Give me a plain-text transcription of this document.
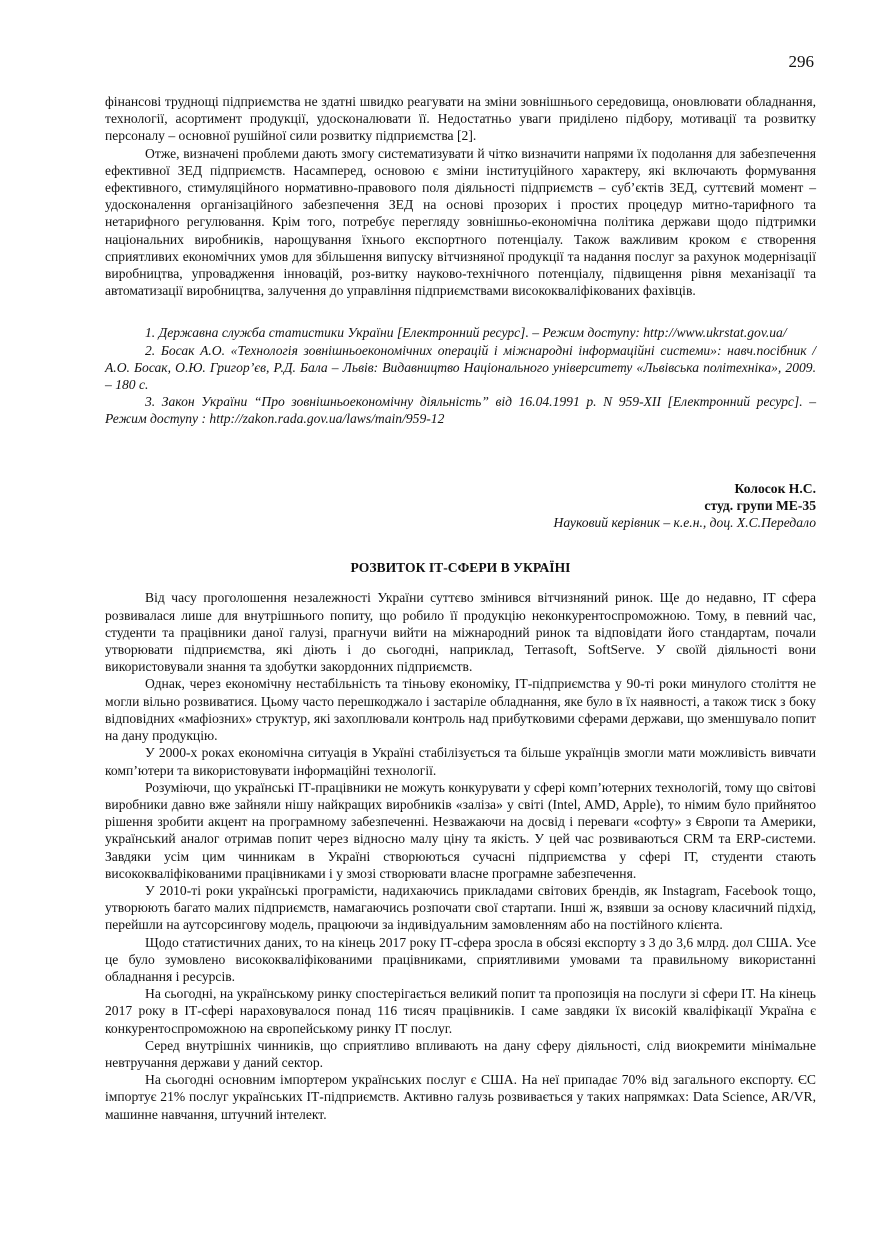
296

фінансові труднощі підприємства не здатні швидко реагувати на зміни зовнішнього середовища, оновлювати обладнання, технології, асортимент продукції, удосконалювати її. Недостатньо уваги приділено підбору, мотивації та розвитку персоналу – основної рушійної сили розвитку підприємства [2].

Отже, визначені проблеми дають змогу систематизувати й чітко визначити напрями їх подолання для забезпечення ефективної ЗЕД підприємств. Насамперед, основою є зміни інституційного характеру, які включають формування ефективного, стимуляційного нормативно-правового поля діяльності підприємств – суб’єктів ЗЕД, суттєвий момент – удосконалення організаційного забезпечення ЗЕД на основі прозорих і простих процедур митно-тарифного та нетарифного регулювання. Крім того, потребує перегляду зовнішньо-економічна політика держави щодо підтримки національних виробників, нарощування їхнього експортного потенціалу. Також важливим кроком є створення сприятливих економічних умов для збільшення випуску вітчизняної продукції та надання послуг за рахунок модернізації виробництва, упровадження інновацій, роз-витку науково-технічного потенціалу, підвищення рівня механізації та автоматизації виробництва, залучення до управління підприємствами висококваліфікованих фахівців.

1. Державна служба статистики України [Електронний ресурс]. – Режим доступу: http://www.ukrstat.gov.ua/

2. Босак А.О. «Технологія зовнішньоекономічних операцій і міжнародні інформаційні системи»: навч.посібник / А.О. Босак, О.Ю. Григор’єв, Р.Д. Бала – Львів: Видавництво Національного університету «Львівська політехніка», 2009. – 180 с.

3. Закон України “Про зовнішньоекономічну діяльність” від 16.04.1991 р. N 959-XII [Електронний ресурс]. – Режим доступу : http://zakon.rada.gov.ua/laws/main/959-12

Колосок Н.С.
студ. групи МЕ-35
Науковий керівник – к.е.н., доц. Х.С.Передало
РОЗВИТОК ІТ-СФЕРИ В УКРАЇНІ

Від часу проголошення незалежності України суттєво змінився вітчизняний ринок. Ще до недавно, ІТ сфера розвивалася лише для внутрішнього попиту, що робило її продукцію неконкурентоспроможною. Тому, в певний час, студенти та працівники даної галузі, прагнучи вийти на міжнародний ринок та відповідати його стандартам, почали утворювати підприємства, які діють і до сьогодні, наприклад, Terrasoft, SoftServe. У своїй діяльності вони використовували знання та здобутки закордонних підприємств.

Однак, через економічну нестабільність та тіньову економіку, ІТ-підприємства у 90-ті роки минулого століття не могли вільно розвиватися. Цьому часто перешкоджало і застаріле обладнання, яке було в їх наявності, а також тиск з боку відповідних «мафіозних» структур, які захоплювали контроль над прибутковими сферами держави, що зменшувало попит на дану продукцію.

У 2000-х роках економічна ситуація в Україні стабілізується та більше українців змогли мати можливість вивчати комп’ютери та використовувати інформаційні технології.

Розуміючи, що українські ІТ-працівники не можуть конкурувати у сфері комп’ютерних технологій, тому що світові виробники давно вже зайняли нішу найкращих виробників «заліза» у світі (Intel, AMD, Apple), то німим було прийнятоо рішення зробити акцент на програмному забезпеченні. Незважаючи на досвід і переваги «софту» з Європи та Америки, український аналог отримав попит через відносно малу ціну та якість. У цей час розвиваються CRM та ERP-системи. Завдяки усім цим чинникам в Україні створюються сучасні підприємства у сфері ІТ, студенти стають висококваліфікованими працівниками і у змозі створювати власне програмне забезпечення.

У 2010-ті роки українські програмісти, надихаючись прикладами світових брендів, як Instagram, Facebook тощо, утворюють багато малих підприємств, намагаючись розпочати свої стартапи. Інші ж, взявши за основу класичний підхід, перейшли на аутсорсингову модель, працюючи за індивідуальним замовленням або на постійного клієнта.

Щодо статистичних даних, то на кінець 2017 року ІТ-сфера зросла в обсязі експорту з 3 до 3,6 млрд. дол США. Усе це було зумовлено висококваліфікованими працівниками, сприятливими умовами та правильному використанні обладнання і ресурсів.

На сьогодні, на українському ринку спостерігається великий попит та пропозиція на послуги зі сфери ІТ. На кінець 2017 року в ІТ-сфері нараховувалося понад 116 тисяч працівників. І саме завдяки їх високій кваліфікації Україна є конкурентоспроможною на європейському ринку ІТ послуг.

Серед внутрішніх чинників, що сприятливо впливають на дану сферу діяльності, слід виокремити мінімальне невтручання держави у даний сектор.

На сьогодні основним імпортером українських послуг є США. На неї припадає 70% від загального експорту. ЄС імпортує 21% послуг українських ІТ-підприємств. Активно галузь розвивається у таких напрямках: Data Science, AR/VR, машинне навчання, штучний інтелект.
